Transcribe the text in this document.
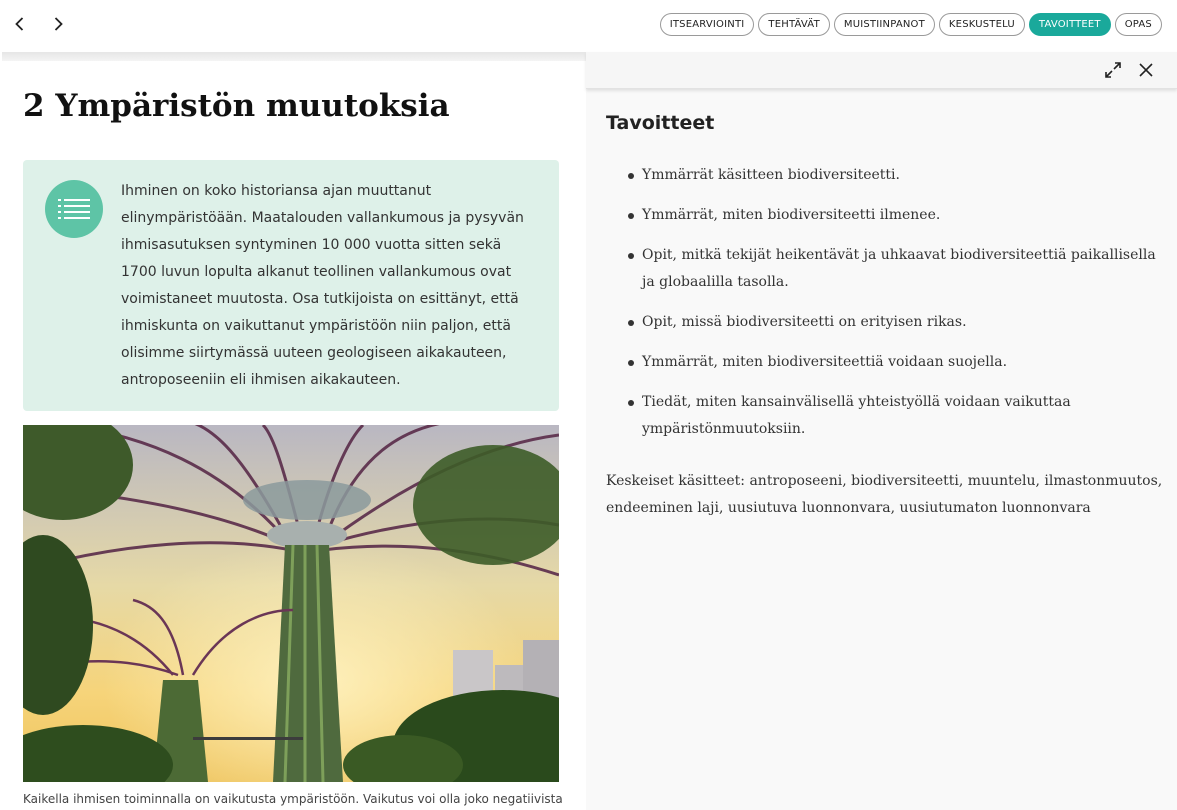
ITSEARVIOINTI	TEHTÄVÄT	MUISTIINPANOT	KESKUSTELU	TAVOITTEET	OPAS
2 Ympäristön muutoksia

Ihminen on koko historiansa ajan muuttanut elinympäristöään. Maatalouden vallankumous ja pysyvän ihmisasutuksen syntyminen 10 000 vuotta sitten sekä 1700 luvun lopulta alkanut teollinen vallankumous ovat voimistaneet muutosta. Osa tutkijoista on esittänyt, että ihmiskunta on vaikuttanut ympäristöön niin paljon, että olisimme siirtymässä uuteen geologiseen aikakauteen, antroposeeniin eli ihmisen aikakauteen.

Kaikella ihmisen toiminnalla on vaikutusta ympäristöön. Vaikutus voi olla joko negatiivista

Tavoitteet
Ymmärrät käsitteen biodiversiteetti.
Ymmärrät, miten biodiversiteetti ilmenee.
Opit, mitkä tekijät heikentävät ja uhkaavat biodiversiteettiä paikallisella ja globaalilla tasolla.
Opit, missä biodiversiteetti on erityisen rikas.
Ymmärrät, miten biodiversiteettiä voidaan suojella.
Tiedät, miten kansainvälisellä yhteistyöllä voidaan vaikuttaa ympäristönmuutoksiin.

Keskeiset käsitteet: antroposeeni, biodiversiteetti, muuntelu, ilmastonmuutos, endeeminen laji, uusiutuva luonnonvara, uusiutumaton luonnonvara
